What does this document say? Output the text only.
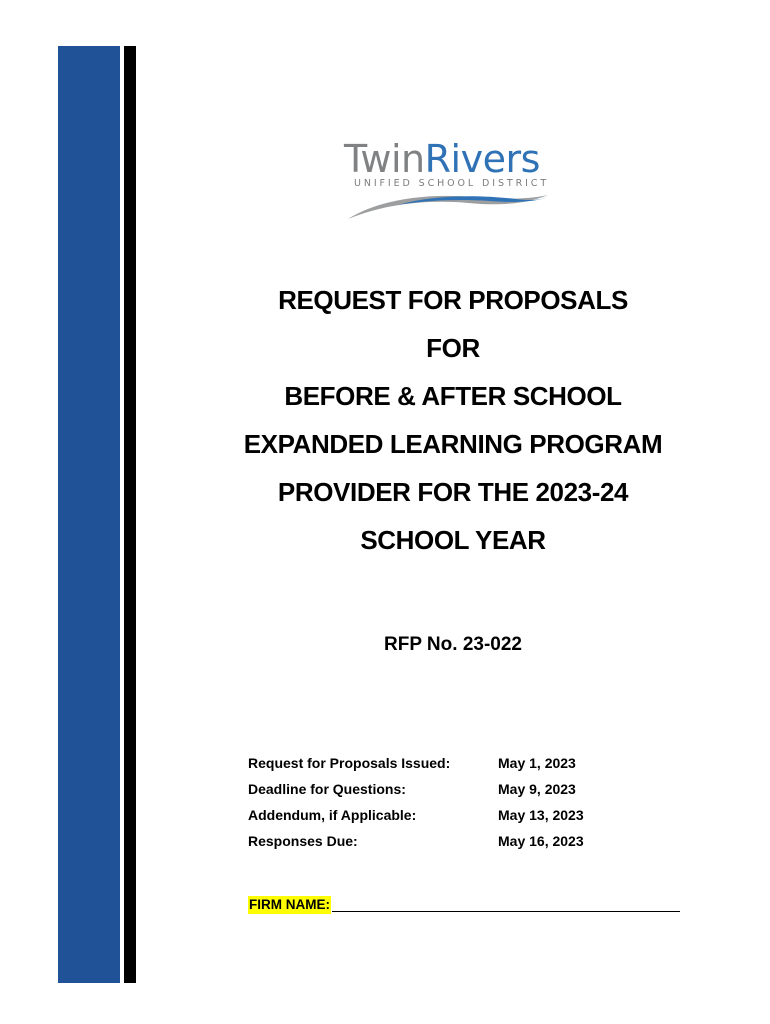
TwinRivers
UNIFIED SCHOOL DISTRICT
REQUEST FOR PROPOSALS
FOR
BEFORE & AFTER SCHOOL
EXPANDED LEARNING PROGRAM
PROVIDER FOR THE 2023-24
SCHOOL YEAR
RFP No. 23-022
Request for Proposals Issued:	May 1, 2023
Deadline for Questions:	May 9, 2023
Addendum, if Applicable:	May 13, 2023
Responses Due:	May 16, 2023
FIRM NAME:
